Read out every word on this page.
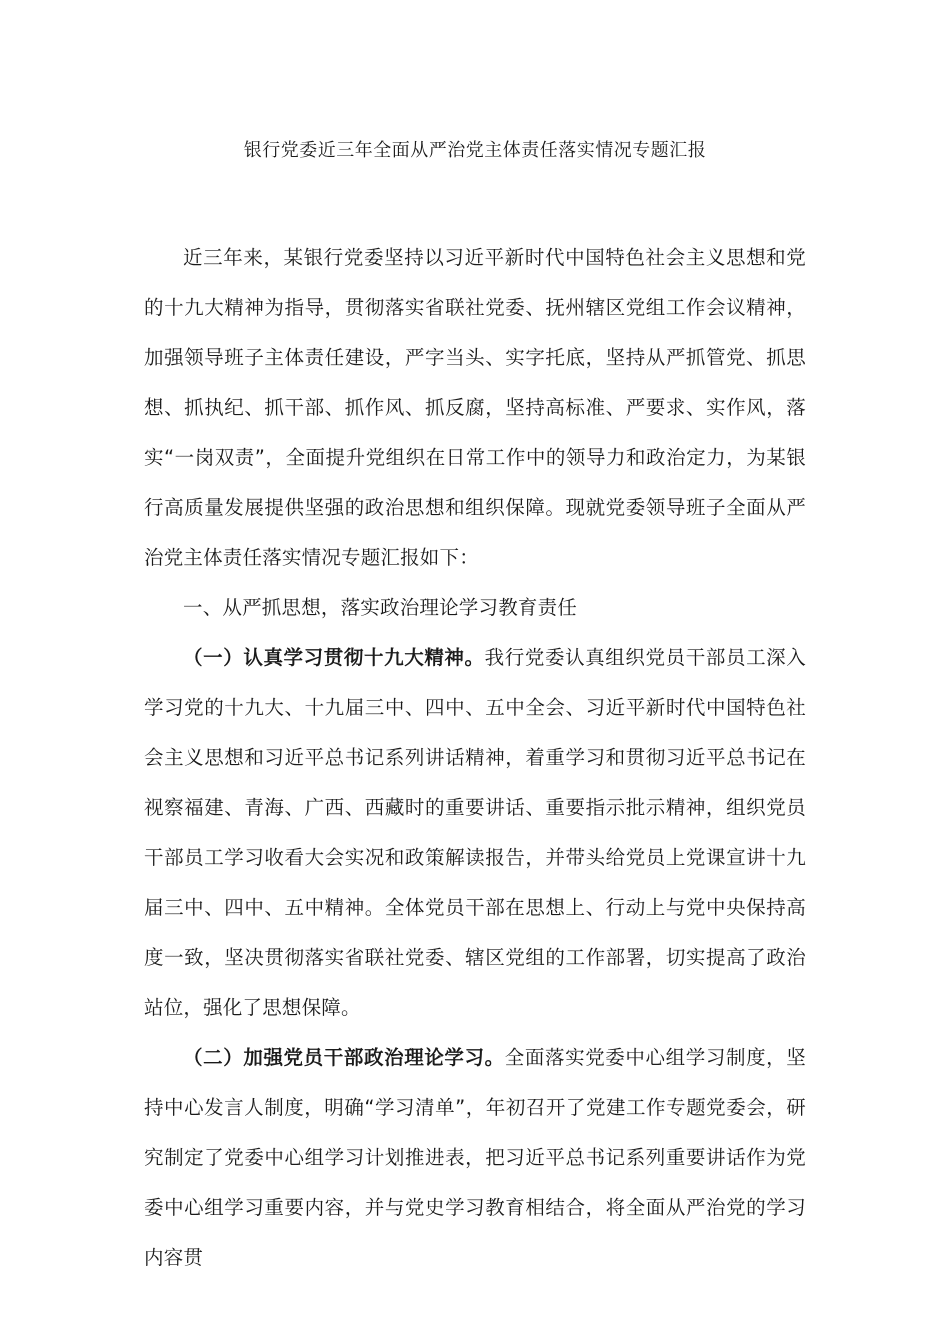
银行党委近三年全面从严治党主体责任落实情况专题汇报

近三年来，某银行党委坚持以习近平新时代中国特色社会主义思想和党的十九大精神为指导，贯彻落实省联社党委、抚州辖区党组工作会议精神，加强领导班子主体责任建设，严字当头、实字托底，坚持从严抓管党、抓思想、抓执纪、抓干部、抓作风、抓反腐，坚持高标准、严要求、实作风，落实“一岗双责”，全面提升党组织在日常工作中的领导力和政治定力，为某银行高质量发展提供坚强的政治思想和组织保障。现就党委领导班子全面从严治党主体责任落实情况专题汇报如下：

一、从严抓思想，落实政治理论学习教育责任

（一）认真学习贯彻十九大精神。我行党委认真组织党员干部员工深入学习党的十九大、十九届三中、四中、五中全会、习近平新时代中国特色社会主义思想和习近平总书记系列讲话精神，着重学习和贯彻习近平总书记在视察福建、青海、广西、西藏时的重要讲话、重要指示批示精神，组织党员干部员工学习收看大会实况和政策解读报告，并带头给党员上党课宣讲十九届三中、四中、五中精神。全体党员干部在思想上、行动上与党中央保持高度一致，坚决贯彻落实省联社党委、辖区党组的工作部署，切实提高了政治站位，强化了思想保障。

（二）加强党员干部政治理论学习。全面落实党委中心组学习制度，坚持中心发言人制度，明确“学习清单”，年初召开了党建工作专题党委会，研究制定了党委中心组学习计划推进表，把习近平总书记系列重要讲话作为党委中心组学习重要内容，并与党史学习教育相结合，将全面从严治党的学习内容贯
